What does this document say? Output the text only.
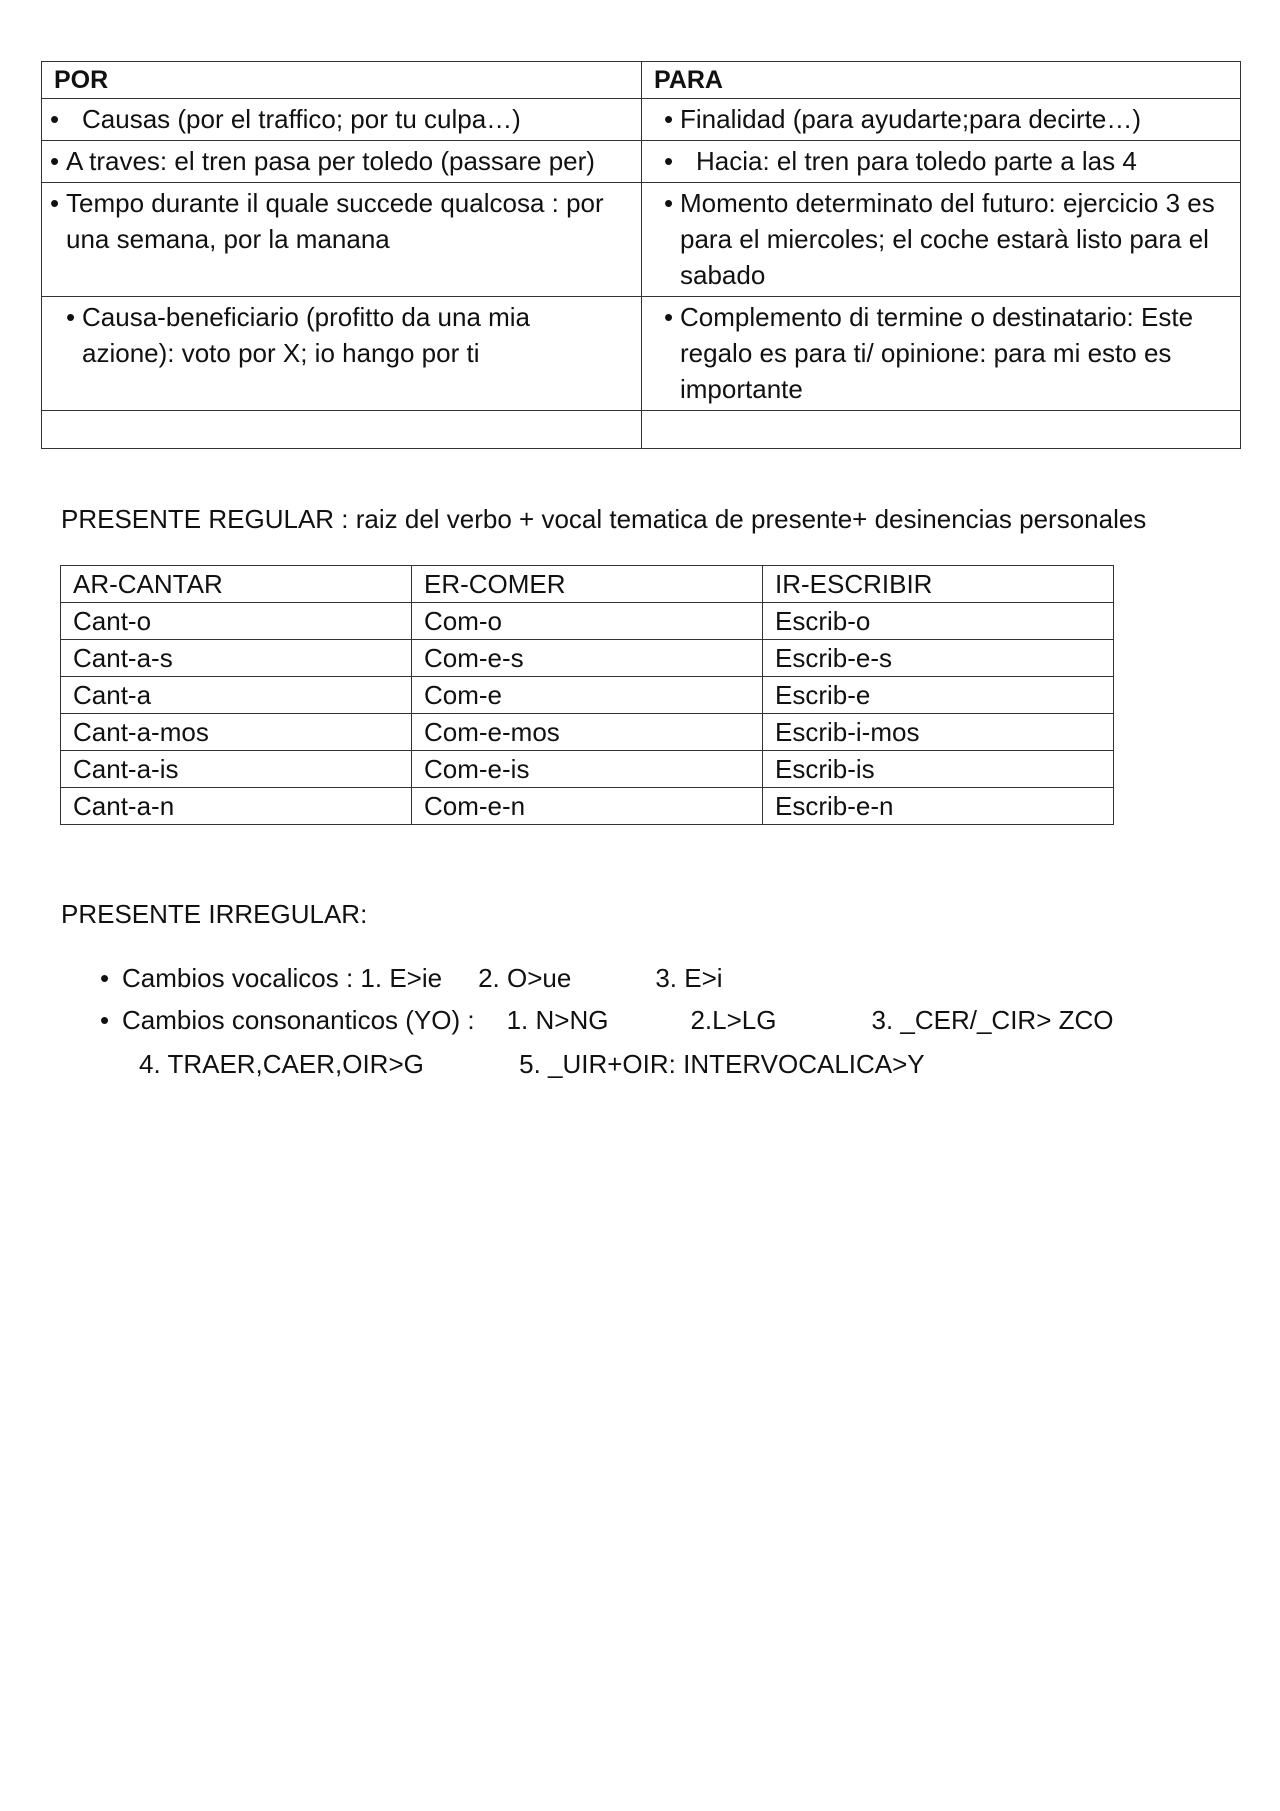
POR	PARA

• Causas (por el traffico; por tu culpa…)	• Finalidad (para ayudarte;para decirte…)

• A traves: el tren pasa per toledo (passare per)	• Hacia: el tren para toledo parte a las 4

• Tempo durante il quale succede qualcosa : por una semana, por la manana	• Momento determinato del futuro: ejercicio 3 es para el miercoles; el coche estarà listo para el sabado

• Causa-beneficiario (profitto da una mia azione): voto por X; io hango por ti	• Complemento di termine o destinatario: Este regalo es para ti/ opinione: para mi esto es importante

PRESENTE REGULAR : raiz del verbo + vocal tematica de presente+ desinencias personales

AR-CANTAR	ER-COMER	IR-ESCRIBIR
Cant-o	Com-o	Escrib-o
Cant-a-s	Com-e-s	Escrib-e-s
Cant-a	Com-e	Escrib-e
Cant-a-mos	Com-e-mos	Escrib-i-mos
Cant-a-is	Com-e-is	Escrib-is
Cant-a-n	Com-e-n	Escrib-e-n

PRESENTE IRREGULAR:

• Cambios vocalicos : 1. E>ie 2. O>ue	3. E>i
• Cambios consonanticos (YO) : 1. N>NG	2.L>LG	3. _CER/_CIR> ZCO
4. TRAER,CAER,OIR>G	5. _UIR+OIR: INTERVOCALICA>Y
